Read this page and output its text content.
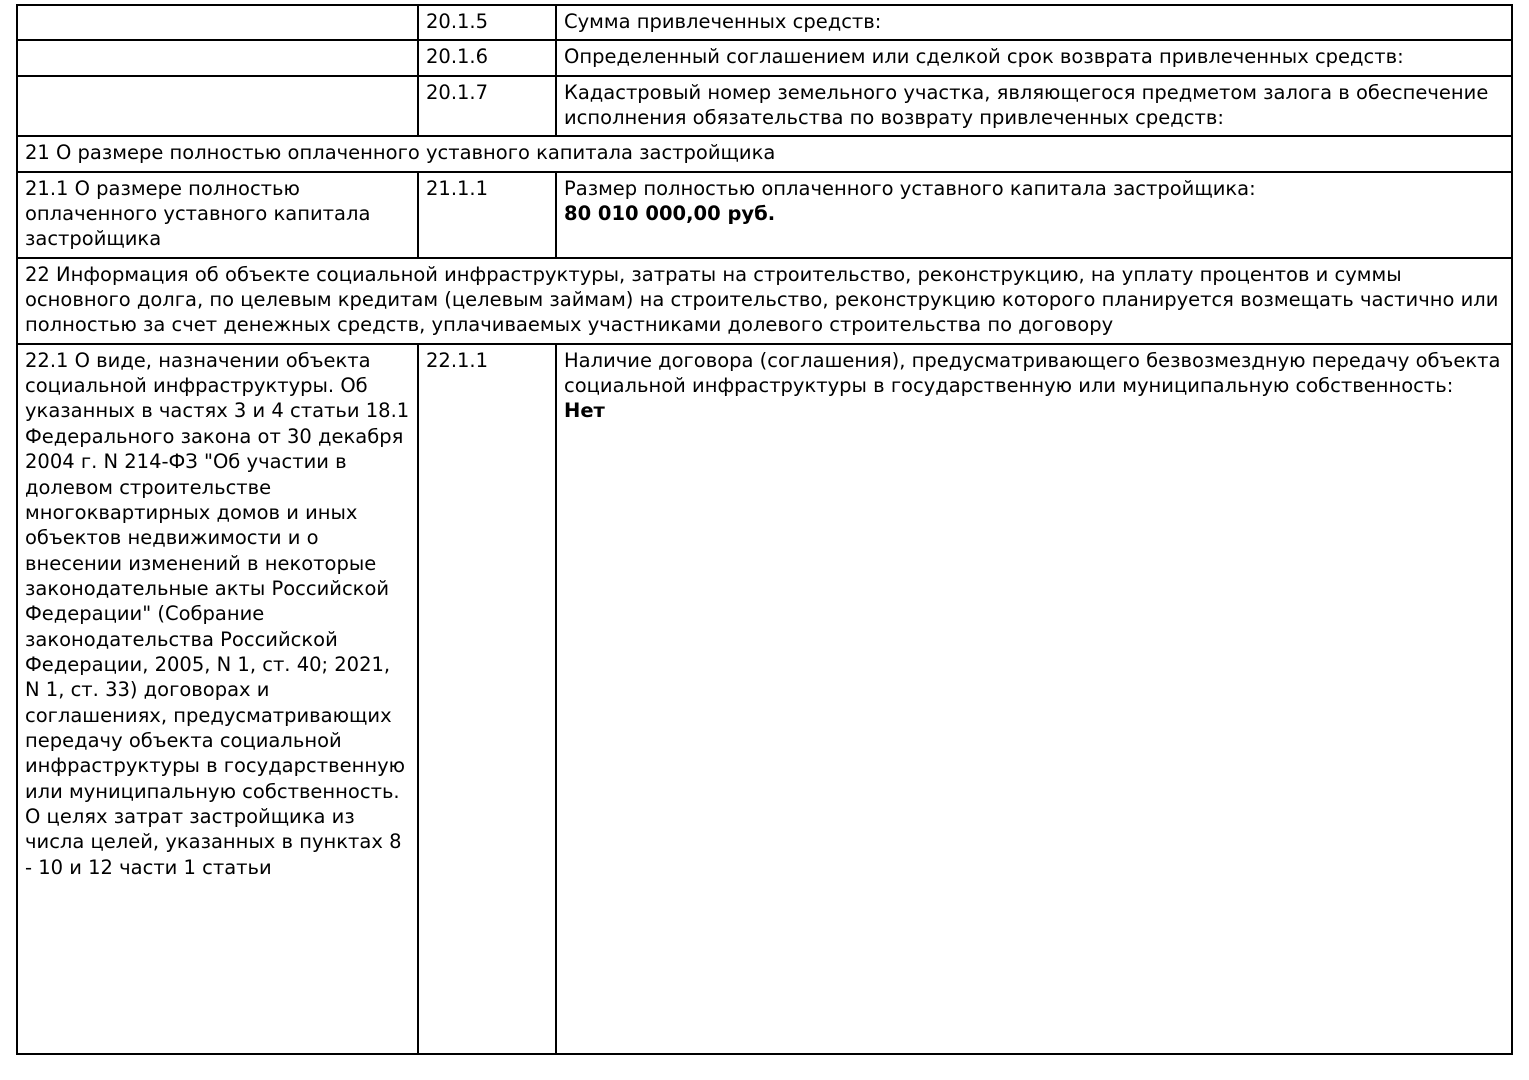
	20.1.5	Сумма привлеченных средств:
	20.1.6	Определенный соглашением или сделкой срок возврата привлеченных средств:
	20.1.7	Кадастровый номер земельного участка, являющегося предметом залога в обеспечение исполнения обязательства по возврату привлеченных средств:
21 О размере полностью оплаченного уставного капитала застройщика		
21.1 О размере полностью оплаченного уставного капитала застройщика	21.1.1	Размер полностью оплаченного уставного капитала застройщика:
80 010 000,00 руб.

22 Информация об объекте социальной инфраструктуры, затраты на строительство, реконструкцию, на уплату процентов и суммы основного долга, по целевым кредитам (целевым займам) на строительство, реконструкцию которого планируется возмещать частично или полностью за счет денежных средств, уплачиваемых участниками долевого строительства по договору		
22.1 О виде, назначении объекта социальной инфраструктуры. Об указанных в частях 3 и 4 статьи 18.1 Федерального закона от 30 декабря 2004 г. N 214-ФЗ "Об участии в долевом строительстве многоквартирных домов и иных объектов недвижимости и о внесении изменений в некоторые законодательные акты Российской Федерации" (Собрание законодательства Российской Федерации, 2005, N 1, ст. 40; 2021, N 1, ст. 33) договорах и соглашениях, предусматривающих передачу объекта социальной инфраструктуры в государственную или муниципальную собственность. О целях затрат застройщика из числа целей, указанных в пунктах 8 - 10 и 12 части 1 статьи	22.1.1	Наличие договора (соглашения), предусматривающего безвозмездную передачу объекта социальной инфраструктуры в государственную или муниципальную собственность:
Нет
